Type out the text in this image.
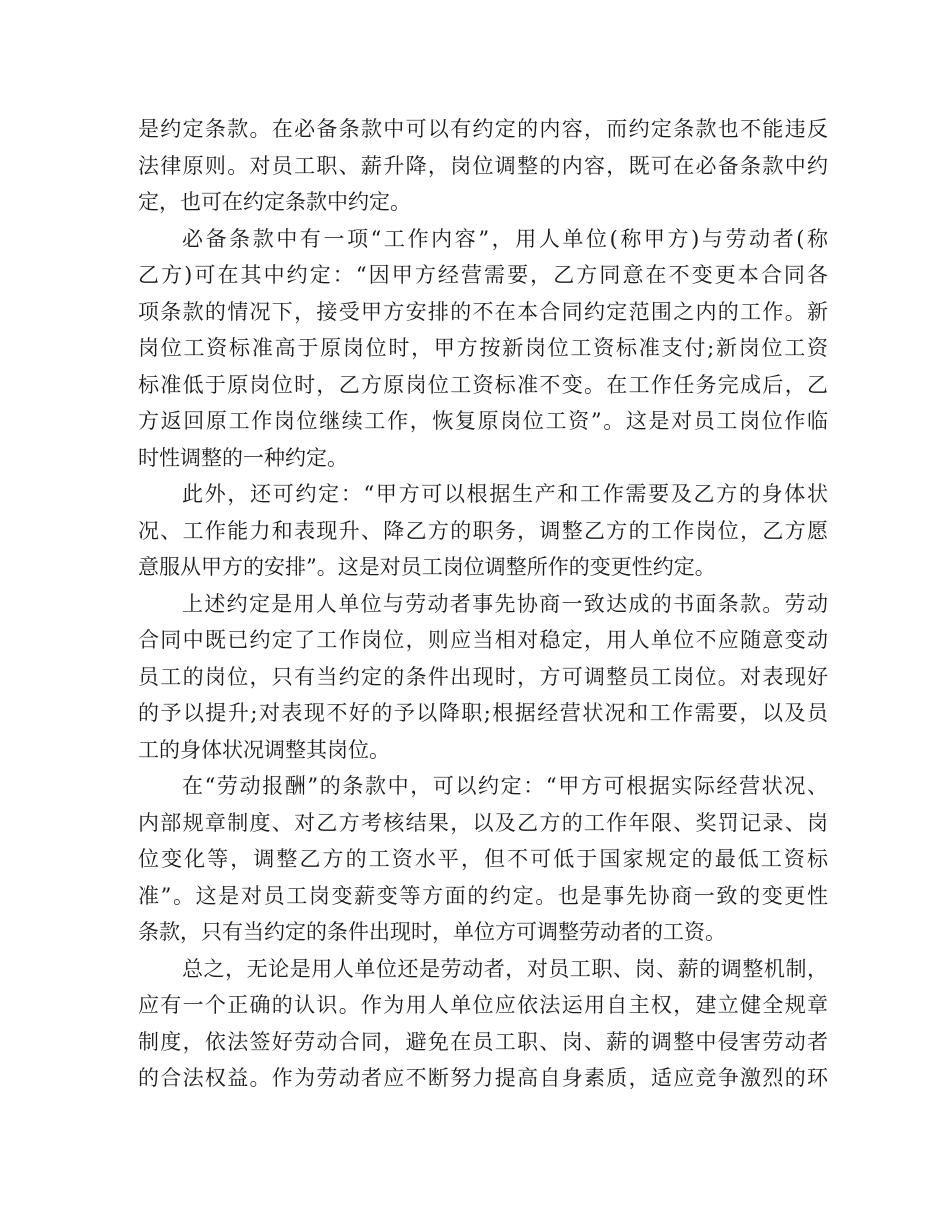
是约定条款。在必备条款中可以有约定的内容，而约定条款也不能违反
法律原则。对员工职、薪升降，岗位调整的内容，既可在必备条款中约
定，也可在约定条款中约定。
必备条款中有一项“工作内容”，用人单位(称甲方)与劳动者(称
乙方)可在其中约定：“因甲方经营需要，乙方同意在不变更本合同各
项条款的情况下，接受甲方安排的不在本合同约定范围之内的工作。新
岗位工资标准高于原岗位时，甲方按新岗位工资标准支付;新岗位工资
标准低于原岗位时，乙方原岗位工资标准不变。在工作任务完成后，乙
方返回原工作岗位继续工作，恢复原岗位工资”。这是对员工岗位作临
时性调整的一种约定。
此外，还可约定：“甲方可以根据生产和工作需要及乙方的身体状
况、工作能力和表现升、降乙方的职务，调整乙方的工作岗位，乙方愿
意服从甲方的安排”。这是对员工岗位调整所作的变更性约定。
上述约定是用人单位与劳动者事先协商一致达成的书面条款。劳动
合同中既已约定了工作岗位，则应当相对稳定，用人单位不应随意变动
员工的岗位，只有当约定的条件出现时，方可调整员工岗位。对表现好
的予以提升;对表现不好的予以降职;根据经营状况和工作需要，以及员
工的身体状况调整其岗位。
在“劳动报酬”的条款中，可以约定：“甲方可根据实际经营状况、
内部规章制度、对乙方考核结果，以及乙方的工作年限、奖罚记录、岗
位变化等，调整乙方的工资水平，但不可低于国家规定的最低工资标
准”。这是对员工岗变薪变等方面的约定。也是事先协商一致的变更性
条款，只有当约定的条件出现时，单位方可调整劳动者的工资。
总之，无论是用人单位还是劳动者，对员工职、岗、薪的调整机制，
应有一个正确的认识。作为用人单位应依法运用自主权，建立健全规章
制度，依法签好劳动合同，避免在员工职、岗、薪的调整中侵害劳动者
的合法权益。作为劳动者应不断努力提高自身素质，适应竞争激烈的环
